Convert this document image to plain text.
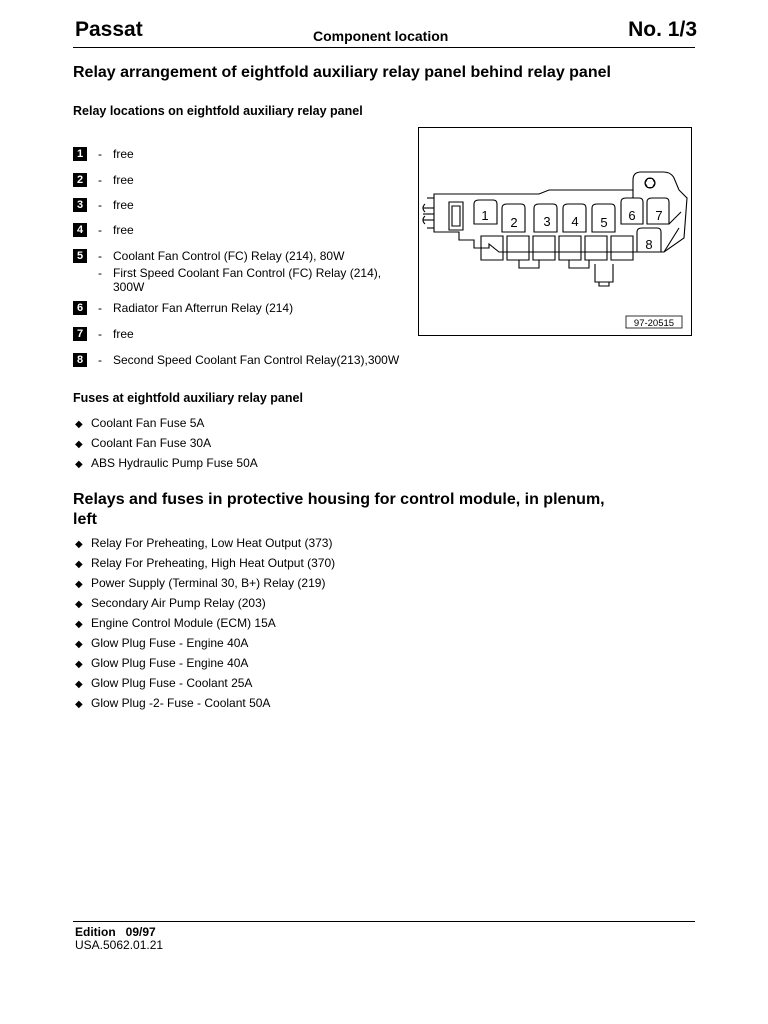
Passat	Component location	No. 1/3
Relay arrangement of eightfold auxiliary relay panel behind relay panel
Relay locations on eightfold auxiliary relay panel
1	- free
2	- free
3	- free
4	- free
5	- Coolant Fan Control (FC) Relay (214), 80W
- First Speed Coolant Fan Control (FC) Relay (214),
300W
6	- Radiator Fan Afterrun Relay (214)
7	- free
8	- Second Speed Coolant Fan Control Relay(213),300W
1 2 3 4 5 6 7
8
97-20515
Fuses at eightfold auxiliary relay panel
◆ Coolant Fan Fuse 5A
◆ Coolant Fan Fuse 30A
◆ ABS Hydraulic Pump Fuse 50A
Relays and fuses in protective housing for control module, in plenum,
left
◆ Relay For Preheating, Low Heat Output (373)
◆ Relay For Preheating, High Heat Output (370)
◆ Power Supply (Terminal 30, B+) Relay (219)
◆ Secondary Air Pump Relay (203)
◆ Engine Control Module (ECM) 15A
◆ Glow Plug Fuse - Engine 40A
◆ Glow Plug Fuse - Engine 40A
◆ Glow Plug Fuse - Coolant 25A
◆ Glow Plug -2- Fuse - Coolant 50A
Edition   09/97
USA.5062.01.21
